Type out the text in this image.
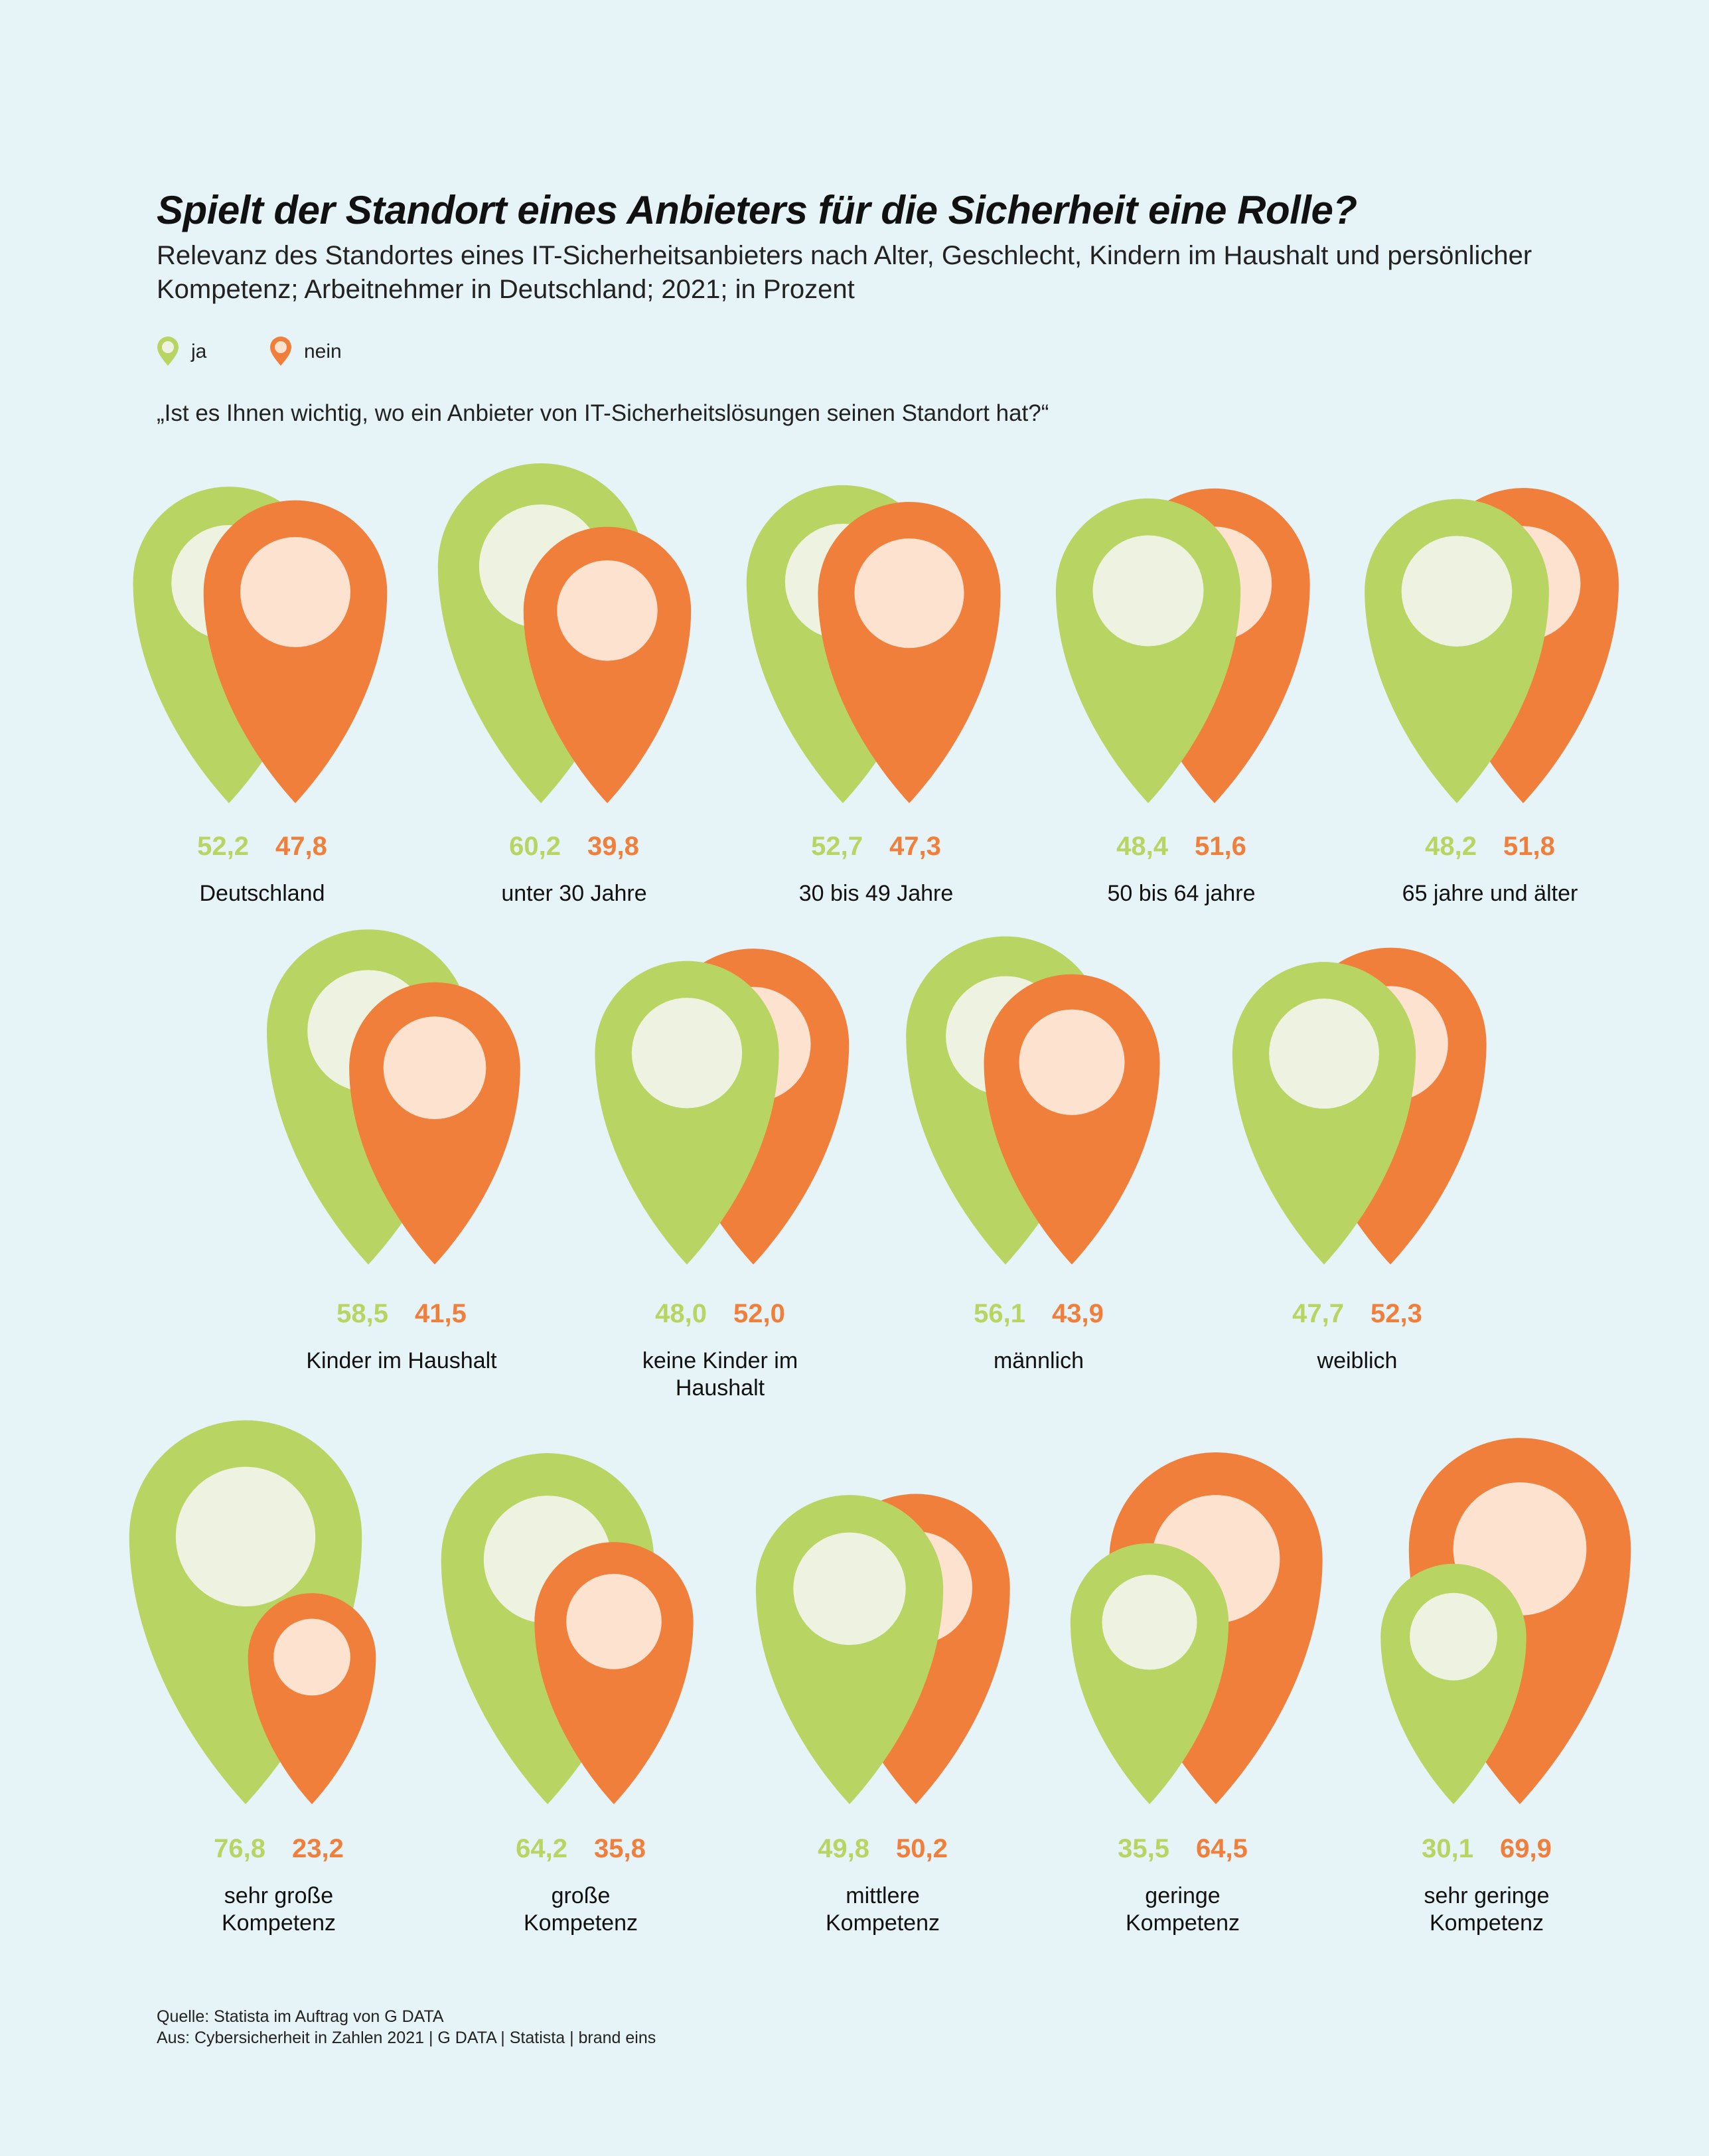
Spielt der Standort eines Anbieters für die Sicherheit eine Rolle?

Relevanz des Standortes eines IT-Sicherheitsanbieters nach Alter, Geschlecht, Kindern im Haushalt und persönlicher Kompetenz; Arbeitnehmer in Deutschland; 2021; in Prozent

ja	nein

„Ist es Ihnen wichtig, wo ein Anbieter von IT-Sicherheitslösungen seinen Standort hat?“

52,2 47,8
Deutschland
60,2 39,8
unter 30 Jahre
52,7 47,3
30 bis 49 Jahre
48,4 51,6
50 bis 64 jahre
48,2 51,8
65 jahre und älter
58,5 41,5
Kinder im Haushalt
48,0 52,0
keine Kinder im
Haushalt
56,1 43,9
männlich
47,7 52,3
weiblich
76,8 23,2
sehr große
Kompetenz
64,2 35,8
große
Kompetenz
49,8 50,2
mittlere
Kompetenz
35,5 64,5
geringe
Kompetenz
30,1 69,9
sehr geringe
Kompetenz
Quelle: Statista im Auftrag von G DATA
Aus: Cybersicherheit in Zahlen 2021 | G DATA | Statista | brand eins
